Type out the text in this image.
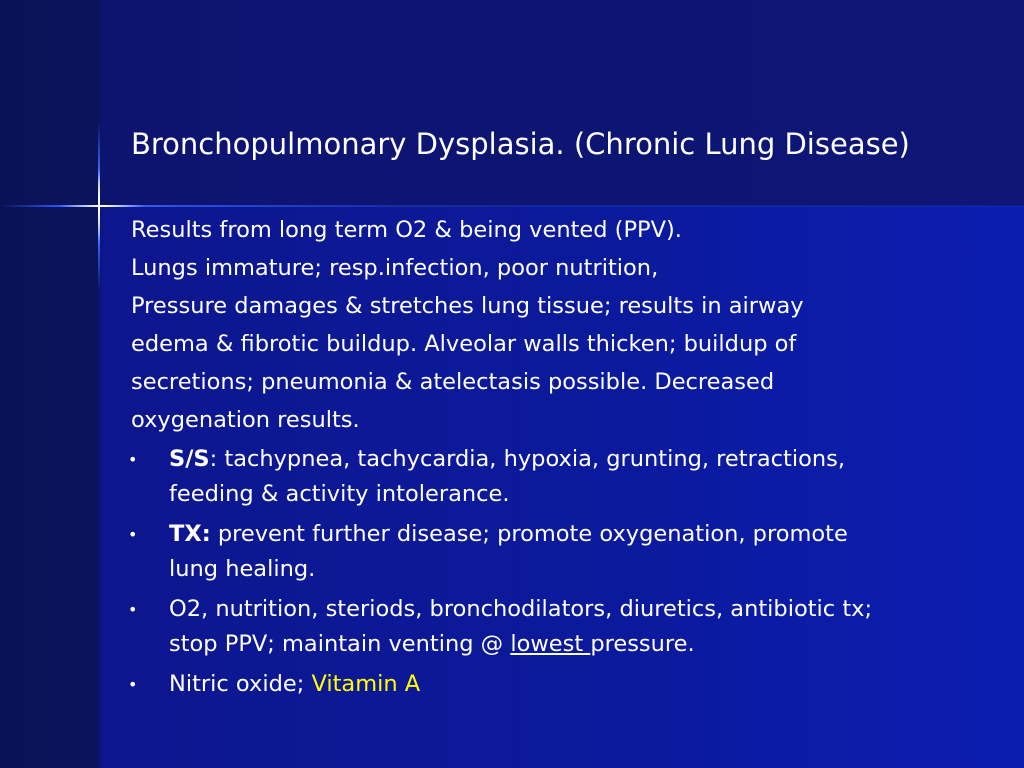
Bronchopulmonary Dysplasia. (Chronic Lung Disease)
Results from long term O2 & being vented (PPV).
Lungs immature; resp.infection, poor nutrition,
Pressure damages & stretches lung tissue; results in airway
edema & fibrotic buildup. Alveolar walls thicken; buildup of
secretions; pneumonia & atelectasis possible. Decreased
oxygenation results.
• S/S: tachypnea, tachycardia, hypoxia, grunting, retractions,
feeding & activity intolerance.
• TX: prevent further disease; promote oxygenation, promote
lung healing.
• O2, nutrition, steriods, bronchodilators, diuretics, antibiotic tx;
stop PPV; maintain venting @ lowest pressure.
• Nitric oxide; Vitamin A
